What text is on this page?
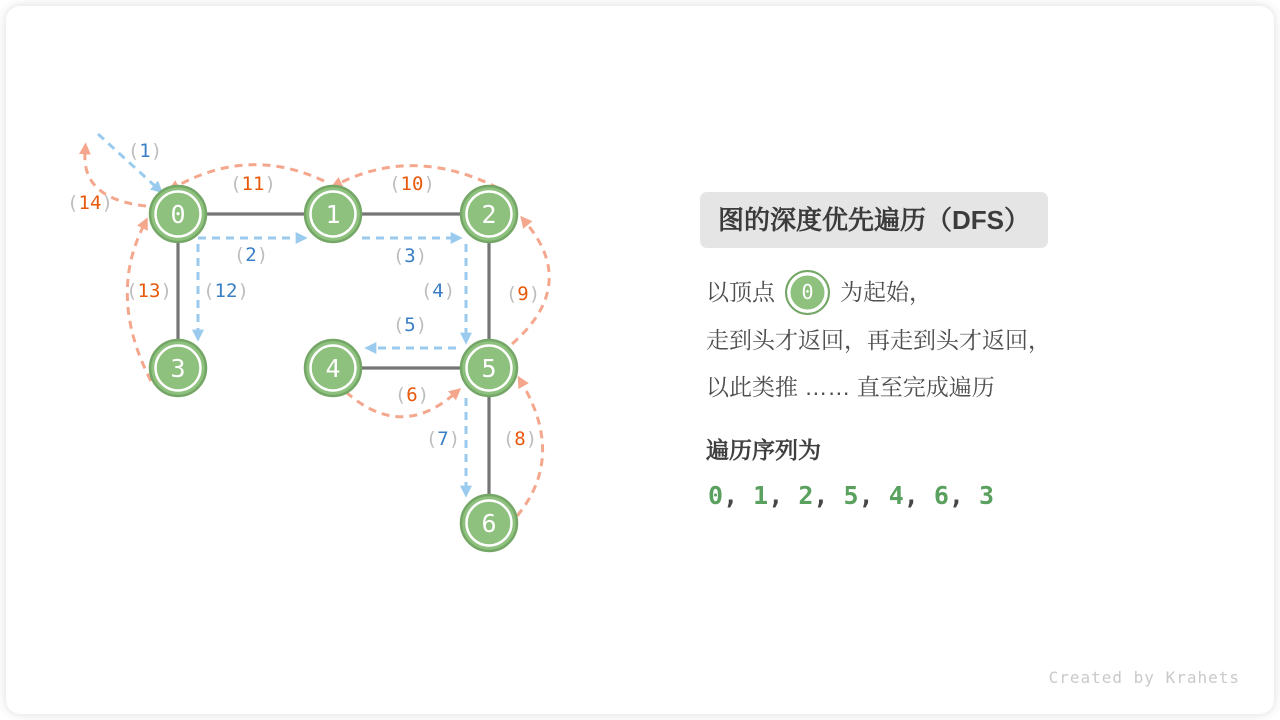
0	1	2
3	4	5
6
(1)
(2)	(3)
(4)
(5)
(6)
(7) (8)
(9)
(10)
(11)
(12)
(13)
(14)
图的深度优先遍历（DFS）

以顶点 0 为起始，

走到头才返回，再走到头才返回，

以此类推 …… 直至完成遍历

遍历序列为

0, 1, 2, 5, 4, 6, 3

Created by Krahets
